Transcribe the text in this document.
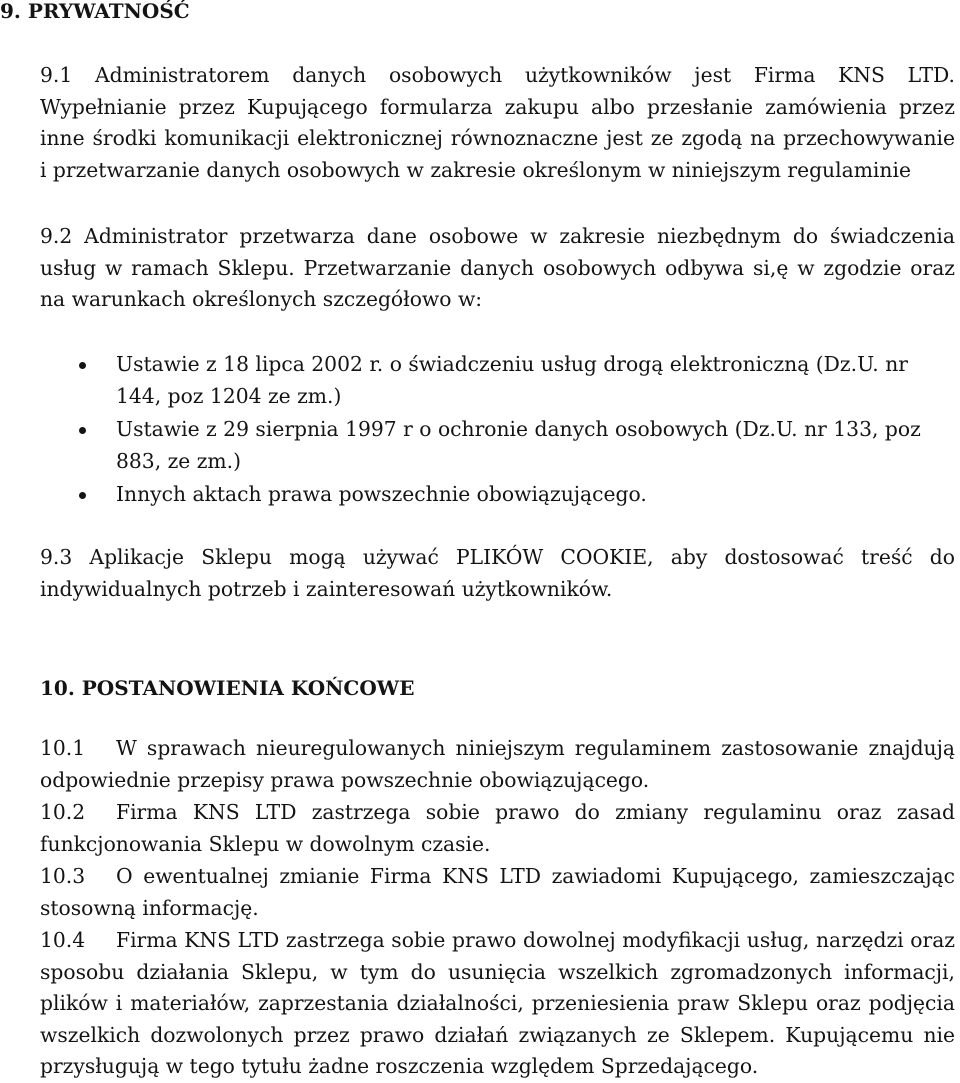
9. PRYWATNOŚĆ
9.1 Administratorem danych osobowych użytkowników jest Firma KNS LTD. Wypełnianie przez Kupującego formularza zakupu albo przesłanie zamówienia przez inne środki komunikacji elektronicznej równoznaczne jest ze zgodą na przechowywanie i przetwarzanie danych osobowych w zakresie określonym w niniejszym regulaminie
9.2 Administrator przetwarza dane osobowe w zakresie niezbędnym do świadczenia usług w ramach Sklepu. Przetwarzanie danych osobowych odbywa si,ę w zgodzie oraz na warunkach określonych szczegółowo w:
Ustawie z 18 lipca 2002 r. o świadczeniu usług drogą elektroniczną (Dz.U. nr 144, poz 1204 ze zm.)
Ustawie z 29 sierpnia 1997 r o ochronie danych osobowych (Dz.U. nr 133, poz 883, ze zm.)
Innych aktach prawa powszechnie obowiązującego.
9.3 Aplikacje Sklepu mogą używać PLIKÓW COOKIE, aby dostosować treść do indywidualnych potrzeb i zainteresowań użytkowników.
10. POSTANOWIENIA KOŃCOWE
10.1 W sprawach nieuregulowanych niniejszym regulaminem zastosowanie znajdują odpowiednie przepisy prawa powszechnie obowiązującego.
10.2 Firma KNS LTD zastrzega sobie prawo do zmiany regulaminu oraz zasad funkcjonowania Sklepu w dowolnym czasie.
10.3 O ewentualnej zmianie Firma KNS LTD zawiadomi Kupującego, zamieszczając stosowną informację.
10.4 Firma KNS LTD zastrzega sobie prawo dowolnej modyfikacji usług, narzędzi oraz sposobu działania Sklepu, w tym do usunięcia wszelkich zgromadzonych informacji, plików i materiałów, zaprzestania działalności, przeniesienia praw Sklepu oraz podjęcia wszelkich dozwolonych przez prawo działań związanych ze Sklepem. Kupującemu nie przysługują w tego tytułu żadne roszczenia względem Sprzedającego.
